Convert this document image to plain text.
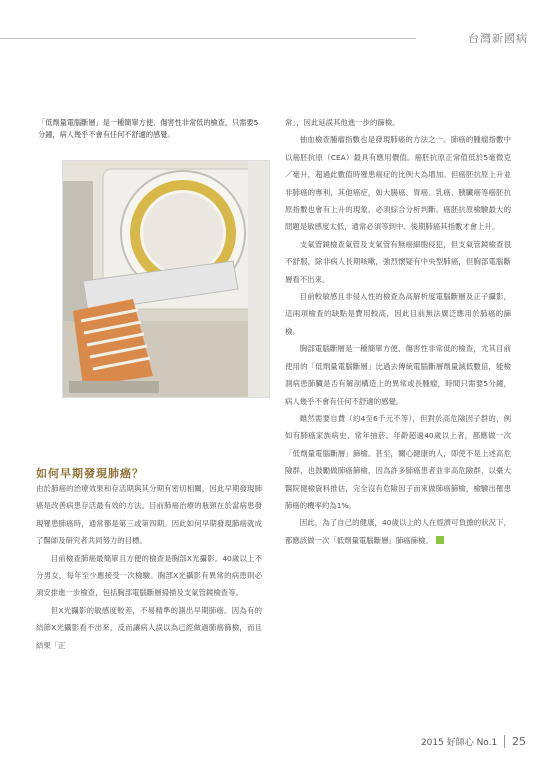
台灣新國病
「低劑量電腦斷層」是一種簡單方便、傷害性非常低的檢查，只需要5分鐘，病人幾乎不會有任何不舒適的感覺。
如何早期發現肺癌？

由於肺癌的治療效果和存活期與其分期有密切相關，因此早期發現肺癌是改善病患存活最有效的方法。目前肺癌治療的瓶頸在於當病患發現罹患肺癌時，通常都是第三或第四期。因此如何早期發現肺癌就成了醫師及研究者共同努力的目標。

目前檢查肺癌最簡單且方便的檢查是胸部X光攝影。40歲以上不分男女，每年至少應接受一次檢驗。胸部X光攝影有異常的病患則必須安排進一步檢查，包括胸部電腦斷層掃描及支氣管鏡檢查等。

但X光攝影的敏感度較差，不易精準的測出早期肺癌。因為有的結節X光攝影看不出來，反而讓病人誤以為已經做過肺癌篩檢，而且結果「正

常」，因此延誤其他進一步的篩檢。

抽血檢查腫瘤指數也是發現肺癌的方法之一。肺癌的腫瘤指數中以癌胚抗原（CEA）最具有應用價值。癌胚抗原正常值低於5毫微克／毫升，超過此數值時罹患癌症的比例大為增加。但癌胚抗原上升並非肺癌的專利，其他癌症，如大腸癌、胃癌、乳癌、胰臟癌等癌胚抗原指數也會有上升的現象，必須綜合分析判斷。癌胚抗原檢驗最大的問題是敏感度太低，通常必須等到中、後期肺癌其指數才會上升。

支氣管鏡檢查氣管及支氣管有無癌細胞侵犯，但支氣管鏡檢查很不舒服，除非病人長期咳嗽，強烈懷疑有中央型肺癌，但胸部電腦斷層看不出來。

目前較敏感且非侵入性的檢查為高解析度電腦斷層及正子攝影，這兩項檢查的缺點是費用較高，因此目前無法廣泛應用於肺癌的篩檢。

胸部電腦斷層是一種簡單方便、傷害性非常低的檢查，尤其目前使用的「低劑量電腦斷層」比過去傳統電腦斷層劑量減低數倍，能檢測病患肺臟是否有解剖構造上的異常或長腫瘤，時間只需要5分鐘，病人幾乎不會有任何不舒適的感覺。

雖然需要自費（約4至6千元不等），但對於高危險因子群的，例如有肺癌家族病史、常年抽菸、年齡超過40歲以上者，都應做一次「低劑量電腦斷層」篩檢。甚至，關心健康的人，即使不是上述高危險群，也鼓勵做肺癌篩檢，因為許多肺癌患者並非高危險群，以臺大醫院健檢資料推估，完全沒有危險因子而來做肺癌篩檢，檢驗出罹患肺癌的機率約為1%。

因此，為了自己的健康，40歲以上的人在經濟可負擔的狀況下，都應該做一次「低劑量電腦斷層」肺癌篩檢。

2015 好師心 No.1 25
